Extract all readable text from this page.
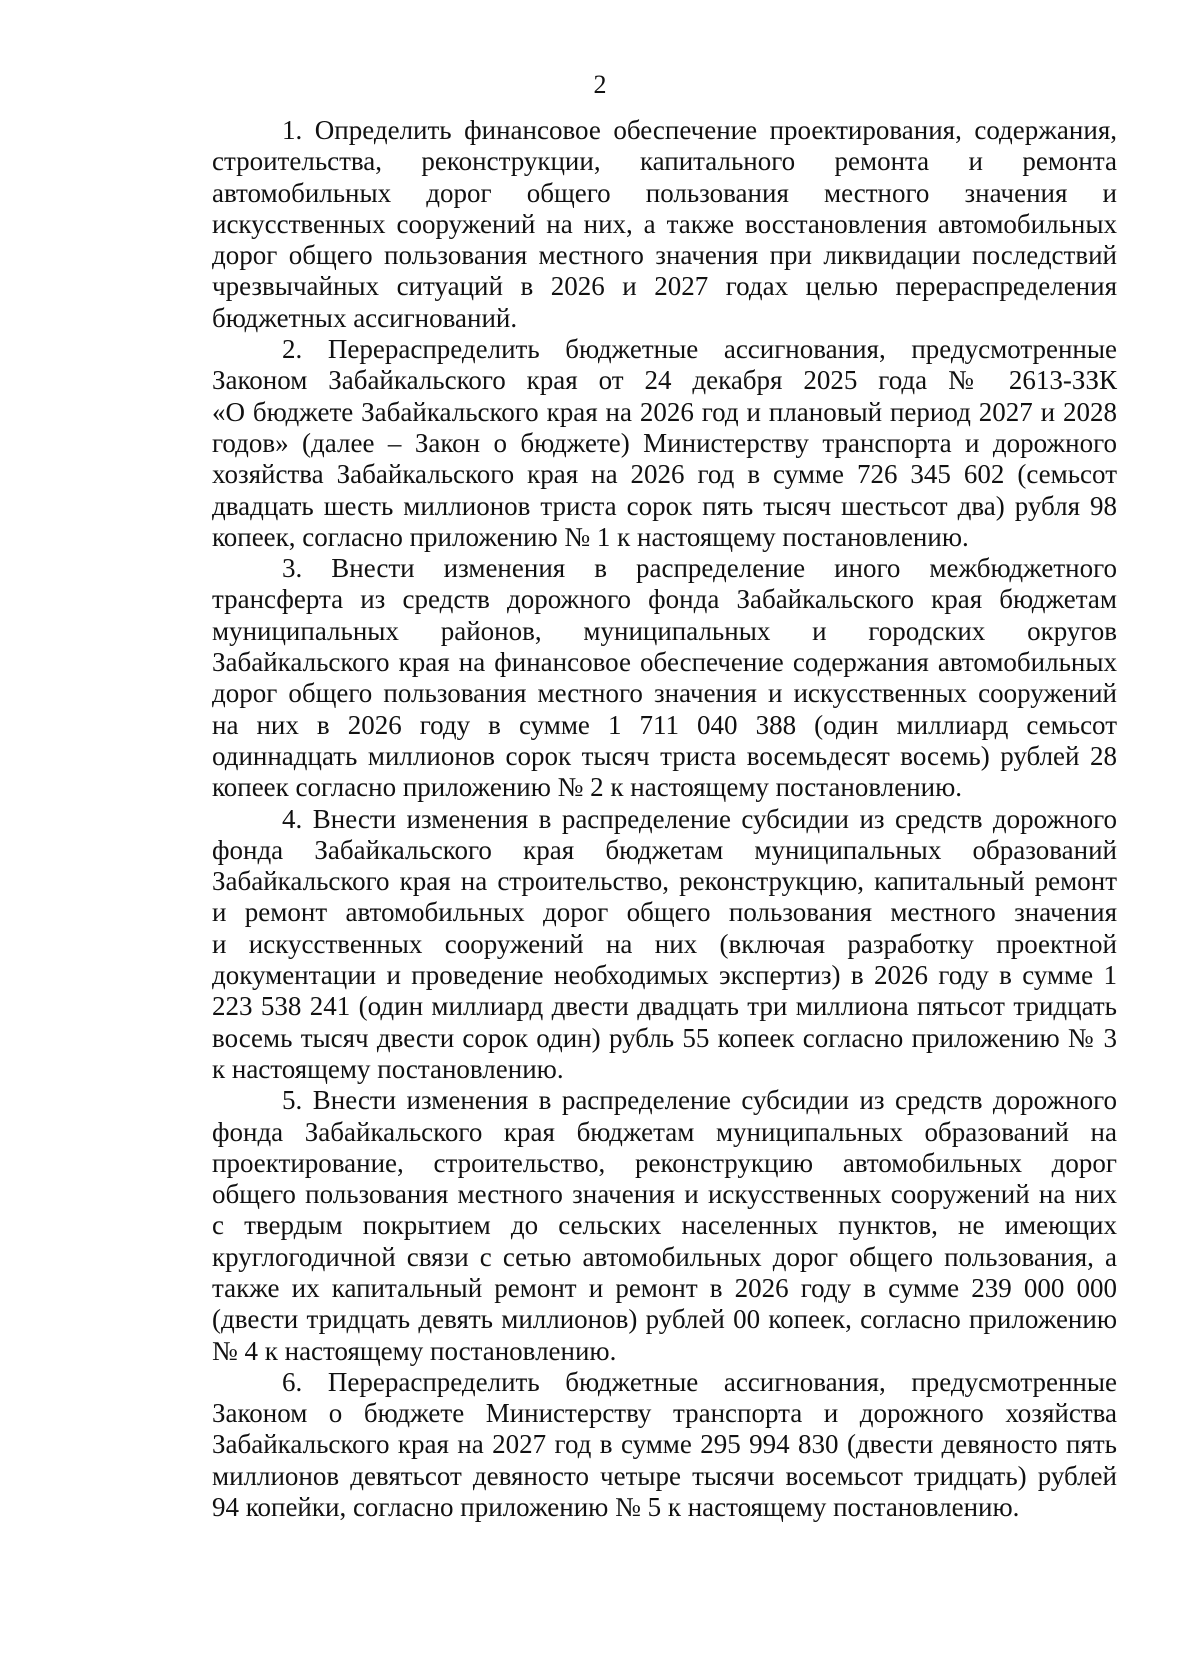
2

1. Определить финансовое обеспечение проектирования, содержания,
строительства, реконструкции, капитального ремонта и ремонта
автомобильных дорог общего пользования местного значения и
искусственных сооружений на них, а также восстановления автомобильных
дорог общего пользования местного значения при ликвидации последствий
чрезвычайных ситуаций в 2026 и 2027 годах целью перераспределения
бюджетных ассигнований.

2. Перераспределить бюджетные ассигнования, предусмотренные
Законом Забайкальского края от 24 декабря 2025 года № 2613-ЗЗК
«О бюджете Забайкальского края на 2026 год и плановый период 2027 и 2028
годов» (далее – Закон о бюджете) Министерству транспорта и дорожного
хозяйства Забайкальского края на 2026 год в сумме 726 345 602 (семьсот
двадцать шесть миллионов триста сорок пять тысяч шестьсот два) рубля 98
копеек, согласно приложению № 1 к настоящему постановлению.

3. Внести изменения в распределение иного межбюджетного
трансферта из средств дорожного фонда Забайкальского края бюджетам
муниципальных районов, муниципальных и городских округов
Забайкальского края на финансовое обеспечение содержания автомобильных
дорог общего пользования местного значения и искусственных сооружений
на них в 2026 году в сумме 1 711 040 388 (один миллиард семьсот
одиннадцать миллионов сорок тысяч триста восемьдесят восемь) рублей 28
копеек согласно приложению № 2 к настоящему постановлению.

4. Внести изменения в распределение субсидии из средств дорожного
фонда Забайкальского края бюджетам муниципальных образований
Забайкальского края на строительство, реконструкцию, капитальный ремонт
и ремонт автомобильных дорог общего пользования местного значения
и искусственных сооружений на них (включая разработку проектной
документации и проведение необходимых экспертиз) в 2026 году в сумме 1
223 538 241 (один миллиард двести двадцать три миллиона пятьсот тридцать
восемь тысяч двести сорок один) рубль 55 копеек согласно приложению № 3
к настоящему постановлению.

5. Внести изменения в распределение субсидии из средств дорожного
фонда Забайкальского края бюджетам муниципальных образований на
проектирование, строительство, реконструкцию автомобильных дорог
общего пользования местного значения и искусственных сооружений на них
с твердым покрытием до сельских населенных пунктов, не имеющих
круглогодичной связи с сетью автомобильных дорог общего пользования, а
также их капитальный ремонт и ремонт в 2026 году в сумме 239 000 000
(двести тридцать девять миллионов) рублей 00 копеек, согласно приложению
№ 4 к настоящему постановлению.

6. Перераспределить бюджетные ассигнования, предусмотренные
Законом о бюджете Министерству транспорта и дорожного хозяйства
Забайкальского края на 2027 год в сумме 295 994 830 (двести девяносто пять
миллионов девятьсот девяносто четыре тысячи восемьсот тридцать) рублей
94 копейки, согласно приложению № 5 к настоящему постановлению.
